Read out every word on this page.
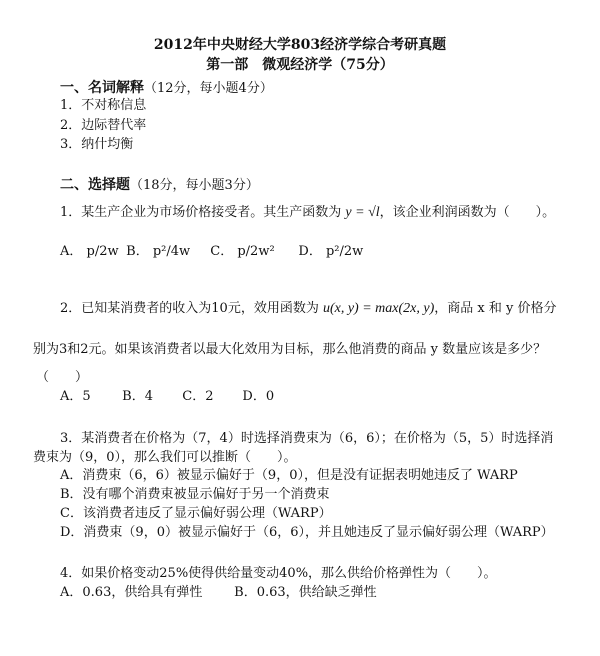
2012年中央财经大学803经济学综合考研真题
第一部　微观经济学（75分）
一、名词解释（12分，每小题4分）
1．不对称信息
2．边际替代率
3．纳什均衡
二、选择题（18分，每小题3分）
1．某生产企业为市场价格接受者。其生产函数为 y = √l，该企业利润函数为（　　）。
A． p/2w B． p²/4w C． p/2w² D． p²/2w
2．已知某消费者的收入为10元，效用函数为 u(x, y) = max(2x, y)，商品 x 和 y 价格分
别为3和2元。如果该消费者以最大化效用为目标，那么他消费的商品 y 数量应该是多少？
（　　）
A．5 B．4 C．2 D．0
3．某消费者在价格为（7，4）时选择消费束为（6，6）；在价格为（5，5）时选择消
费束为（9，0），那么我们可以推断（　　）。
A．消费束（6，6）被显示偏好于（9，0），但是没有证据表明她违反了 WARP
B．没有哪个消费束被显示偏好于另一个消费束
C．该消费者违反了显示偏好弱公理（WARP）
D．消费束（9，0）被显示偏好于（6，6），并且她违反了显示偏好弱公理（WARP）
4．如果价格变动25%使得供给量变动40%，那么供给价格弹性为（　　）。
A．0.63，供给具有弹性 B．0.63，供给缺乏弹性
